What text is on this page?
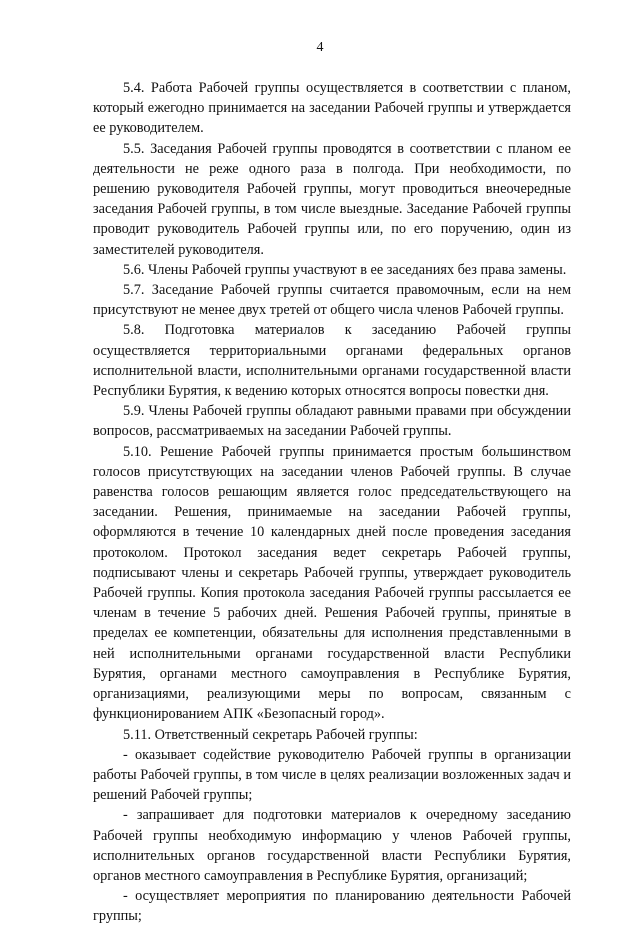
4

5.4. Работа Рабочей группы осуществляется в соответствии с планом, который ежегодно принимается на заседании Рабочей группы и утверждается ее руководителем.

5.5. Заседания Рабочей группы проводятся в соответствии с планом ее деятельности не реже одного раза в полгода. При необходимости, по решению руководителя Рабочей группы, могут проводиться внеочередные заседания Рабочей группы, в том числе выездные. Заседание Рабочей группы проводит руководитель Рабочей группы или, по его поручению, один из заместителей руководителя.

5.6. Члены Рабочей группы участвуют в ее заседаниях без права замены.

5.7. Заседание Рабочей группы считается правомочным, если на нем присутствуют не менее двух третей от общего числа членов Рабочей группы.

5.8. Подготовка материалов к заседанию Рабочей группы осуществляется территориальными органами федеральных органов исполнительной власти, исполнительными органами государственной власти Республики Бурятия, к ведению которых относятся вопросы повестки дня.

5.9. Члены Рабочей группы обладают равными правами при обсуждении вопросов, рассматриваемых на заседании Рабочей группы.

5.10. Решение Рабочей группы принимается простым большинством голосов присутствующих на заседании членов Рабочей группы. В случае равенства голосов решающим является голос председательствующего на заседании. Решения, принимаемые на заседании Рабочей группы, оформляются в течение 10 календарных дней после проведения заседания протоколом. Протокол заседания ведет секретарь Рабочей группы, подписывают члены и секретарь Рабочей группы, утверждает руководитель Рабочей группы. Копия протокола заседания Рабочей группы рассылается ее членам в течение 5 рабочих дней. Решения Рабочей группы, принятые в пределах ее компетенции, обязательны для исполнения представленными в ней исполнительными органами государственной власти Республики Бурятия, органами местного самоуправления в Республике Бурятия, организациями, реализующими меры по вопросам, связанным с функционированием АПК «Безопасный город».

5.11. Ответственный секретарь Рабочей группы:

- оказывает содействие руководителю Рабочей группы в организации работы Рабочей группы, в том числе в целях реализации возложенных задач и решений Рабочей группы;

- запрашивает для подготовки материалов к очередному заседанию Рабочей группы необходимую информацию у членов Рабочей группы, исполнительных органов государственной власти Республики Бурятия, органов местного самоуправления в Республике Бурятия, организаций;

- осуществляет мероприятия по планированию деятельности Рабочей группы;
